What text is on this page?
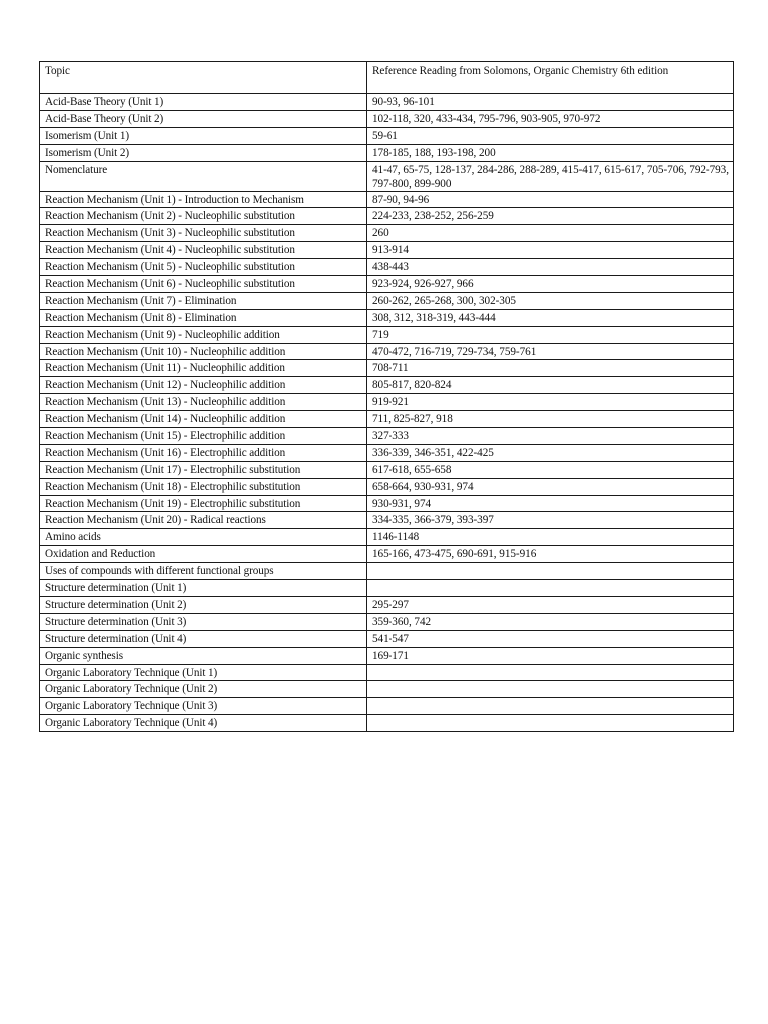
Topic	Reference Reading from Solomons, Organic Chemistry 6th edition
Acid-Base Theory (Unit 1)	90-93, 96-101
Acid-Base Theory (Unit 2)	102-118, 320, 433-434, 795-796, 903-905, 970-972
Isomerism (Unit 1)	59-61
Isomerism (Unit 2)	178-185, 188, 193-198, 200
Nomenclature	41-47, 65-75, 128-137, 284-286, 288-289, 415-417, 615-617, 705-706, 792-793, 797-800, 899-900
Reaction Mechanism (Unit 1) - Introduction to Mechanism	87-90, 94-96
Reaction Mechanism (Unit 2) - Nucleophilic substitution	224-233, 238-252, 256-259
Reaction Mechanism (Unit 3) - Nucleophilic substitution	260
Reaction Mechanism (Unit 4) - Nucleophilic substitution	913-914
Reaction Mechanism (Unit 5) - Nucleophilic substitution	438-443
Reaction Mechanism (Unit 6) - Nucleophilic substitution	923-924, 926-927, 966
Reaction Mechanism (Unit 7) - Elimination	260-262, 265-268, 300, 302-305
Reaction Mechanism (Unit 8) - Elimination	308, 312, 318-319, 443-444
Reaction Mechanism (Unit 9) - Nucleophilic addition	719
Reaction Mechanism (Unit 10) - Nucleophilic addition	470-472, 716-719, 729-734, 759-761
Reaction Mechanism (Unit 11) - Nucleophilic addition	708-711
Reaction Mechanism (Unit 12) - Nucleophilic addition	805-817, 820-824
Reaction Mechanism (Unit 13) - Nucleophilic addition	919-921
Reaction Mechanism (Unit 14) - Nucleophilic addition	711, 825-827, 918
Reaction Mechanism (Unit 15) - Electrophilic addition	327-333
Reaction Mechanism (Unit 16) - Electrophilic addition	336-339, 346-351, 422-425
Reaction Mechanism (Unit 17) - Electrophilic substitution	617-618, 655-658
Reaction Mechanism (Unit 18) - Electrophilic substitution	658-664, 930-931, 974
Reaction Mechanism (Unit 19) - Electrophilic substitution	930-931, 974
Reaction Mechanism (Unit 20) - Radical reactions	334-335, 366-379, 393-397
Amino acids	1146-1148
Oxidation and Reduction	165-166, 473-475, 690-691, 915-916
Uses of compounds with different functional groups	
Structure determination (Unit 1)	
Structure determination (Unit 2)	295-297
Structure determination (Unit 3)	359-360, 742
Structure determination (Unit 4)	541-547
Organic synthesis	169-171
Organic Laboratory Technique (Unit 1)	
Organic Laboratory Technique (Unit 2)	
Organic Laboratory Technique (Unit 3)	
Organic Laboratory Technique (Unit 4)	
